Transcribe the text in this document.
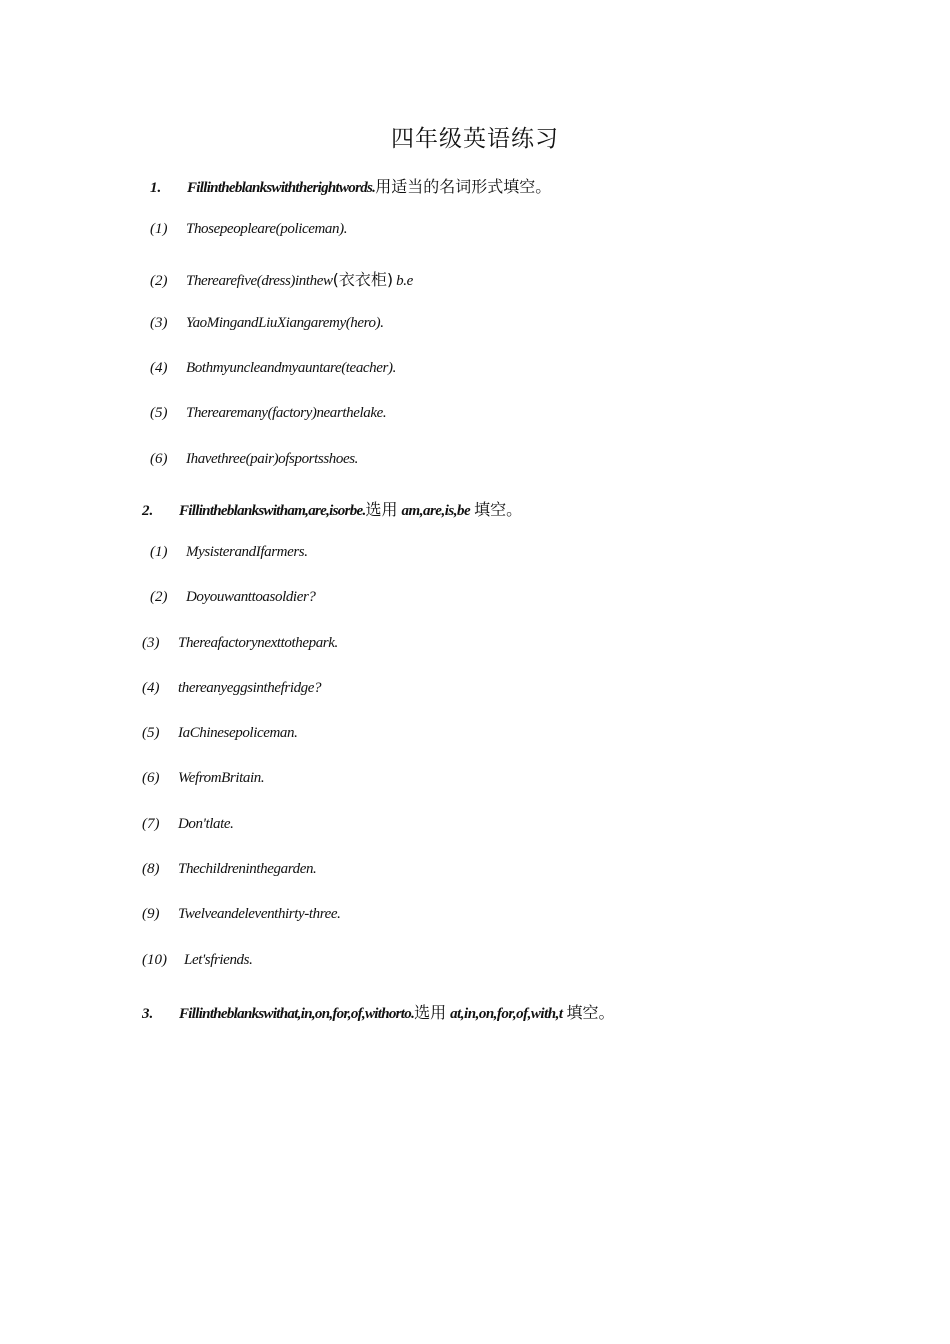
四年级英语练习
1. Fillintheblankswiththerightwords.用适当的名词形式填空。
(1) Thosepeopleare(policeman).
(2) Therearefive(dress)inthew(衣衣柜) b.e
(3) YaoMingandLiuXiangaremy(hero).
(4) Bothmyuncleandmyauntare(teacher).
(5) Therearemany(factory)nearthelake.
(6) Ihavethree(pair)ofsportsshoes.
2. Fillintheblankswitham,are,isorbe.选用 am,are,is,be 填空。
(1) MysisterandIfarmers.
(2) Doyouwanttoasoldier?
(3) Thereafactorynexttothepark.
(4) thereanyeggsinthefridge?
(5) IaChinesepoliceman.
(6) WefromBritain.
(7) Don'tlate.
(8) Thechildreninthegarden.
(9) Twelveandeleventhirty-three.
(10) Let'sfriends.
3. Fillintheblankswithat,in,on,for,of,withorto.选用 at,in,on,for,of,with,t 填空。
